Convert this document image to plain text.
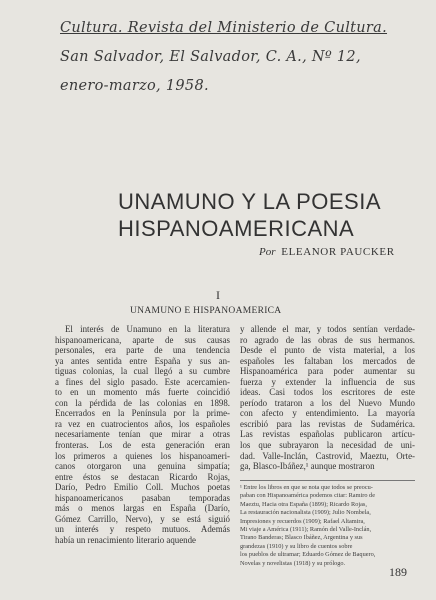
Cultura. Revista del Ministerio de Cultura.
San Salvador, El Salvador, C. A., Nº 12,
enero-marzo, 1958.
UNAMUNO Y LA POESIA
HISPANOAMERICANA
Por ELEANOR PAUCKER
I
UNAMUNO E HISPANOAMERICA
El interés de Unamuno en la literatura
hispanoamericana, aparte de sus causas
personales, era parte de una tendencia
ya antes sentida entre España y sus an-
tiguas colonias, la cual llegó a su cumbre
a fines del siglo pasado. Este acercamien-
to en un momento más fuerte coincidió
con la pérdida de las colonias en 1898.
Encerrados en la Península por la prime-
ra vez en cuatrocientos años, los españoles
necesariamente tenían que mirar a otras
fronteras. Los de esta generación eran
los primeros a quienes los hispanoameri-
canos otorgaron una genuina simpatía;
entre éstos se destacan Ricardo Rojas,
Darío, Pedro Emilio Coll. Muchos poetas
hispanoamericanos pasaban temporadas
más o menos largas en España (Darío,
Gómez Carrillo, Nervo), y se está siguió
un interés y respeto mutuos. Además
había un renacimiento literario aquende
y allende el mar, y todos sentían verdade-
ro agrado de las obras de sus hermanos.
Desde el punto de vista material, a los
españoles les faltaban los mercados de
Hispanoamérica para poder aumentar su
fuerza y extender la influencia de sus
ideas. Casi todos los escritores de este
período trataron a los del Nuevo Mundo
con afecto y entendimiento. La mayoría
escribió para las revistas de Sudamérica.
Las revistas españolas publicaron artícu-
los que subrayaron la necesidad de uni-
dad. Valle-Inclán, Castrovid, Maeztu, Orte-
ga, Blasco-Ibáñez,¹ aunque mostraron
¹ Entre los libros en que se nota que todos se preocu-
paban con Hispanoamérica podemos citar: Ramiro de
Maeztu, Hacia otra España (1899); Ricardo Rojas,
La restauración nacionalista (1909); Julio Nombela,
Impresiones y recuerdos (1909); Rafael Altamira,
Mi viaje a América (1911); Ramón del Valle-Inclán,
Tirano Banderas; Blasco Ibáñez, Argentina y sus
grandezas (1910) y su libro de cuentos sobre
los pueblos de ultramar; Eduardo Gómez de Baquero,
Novelas y novelistas (1918) y su prólogo.
189
